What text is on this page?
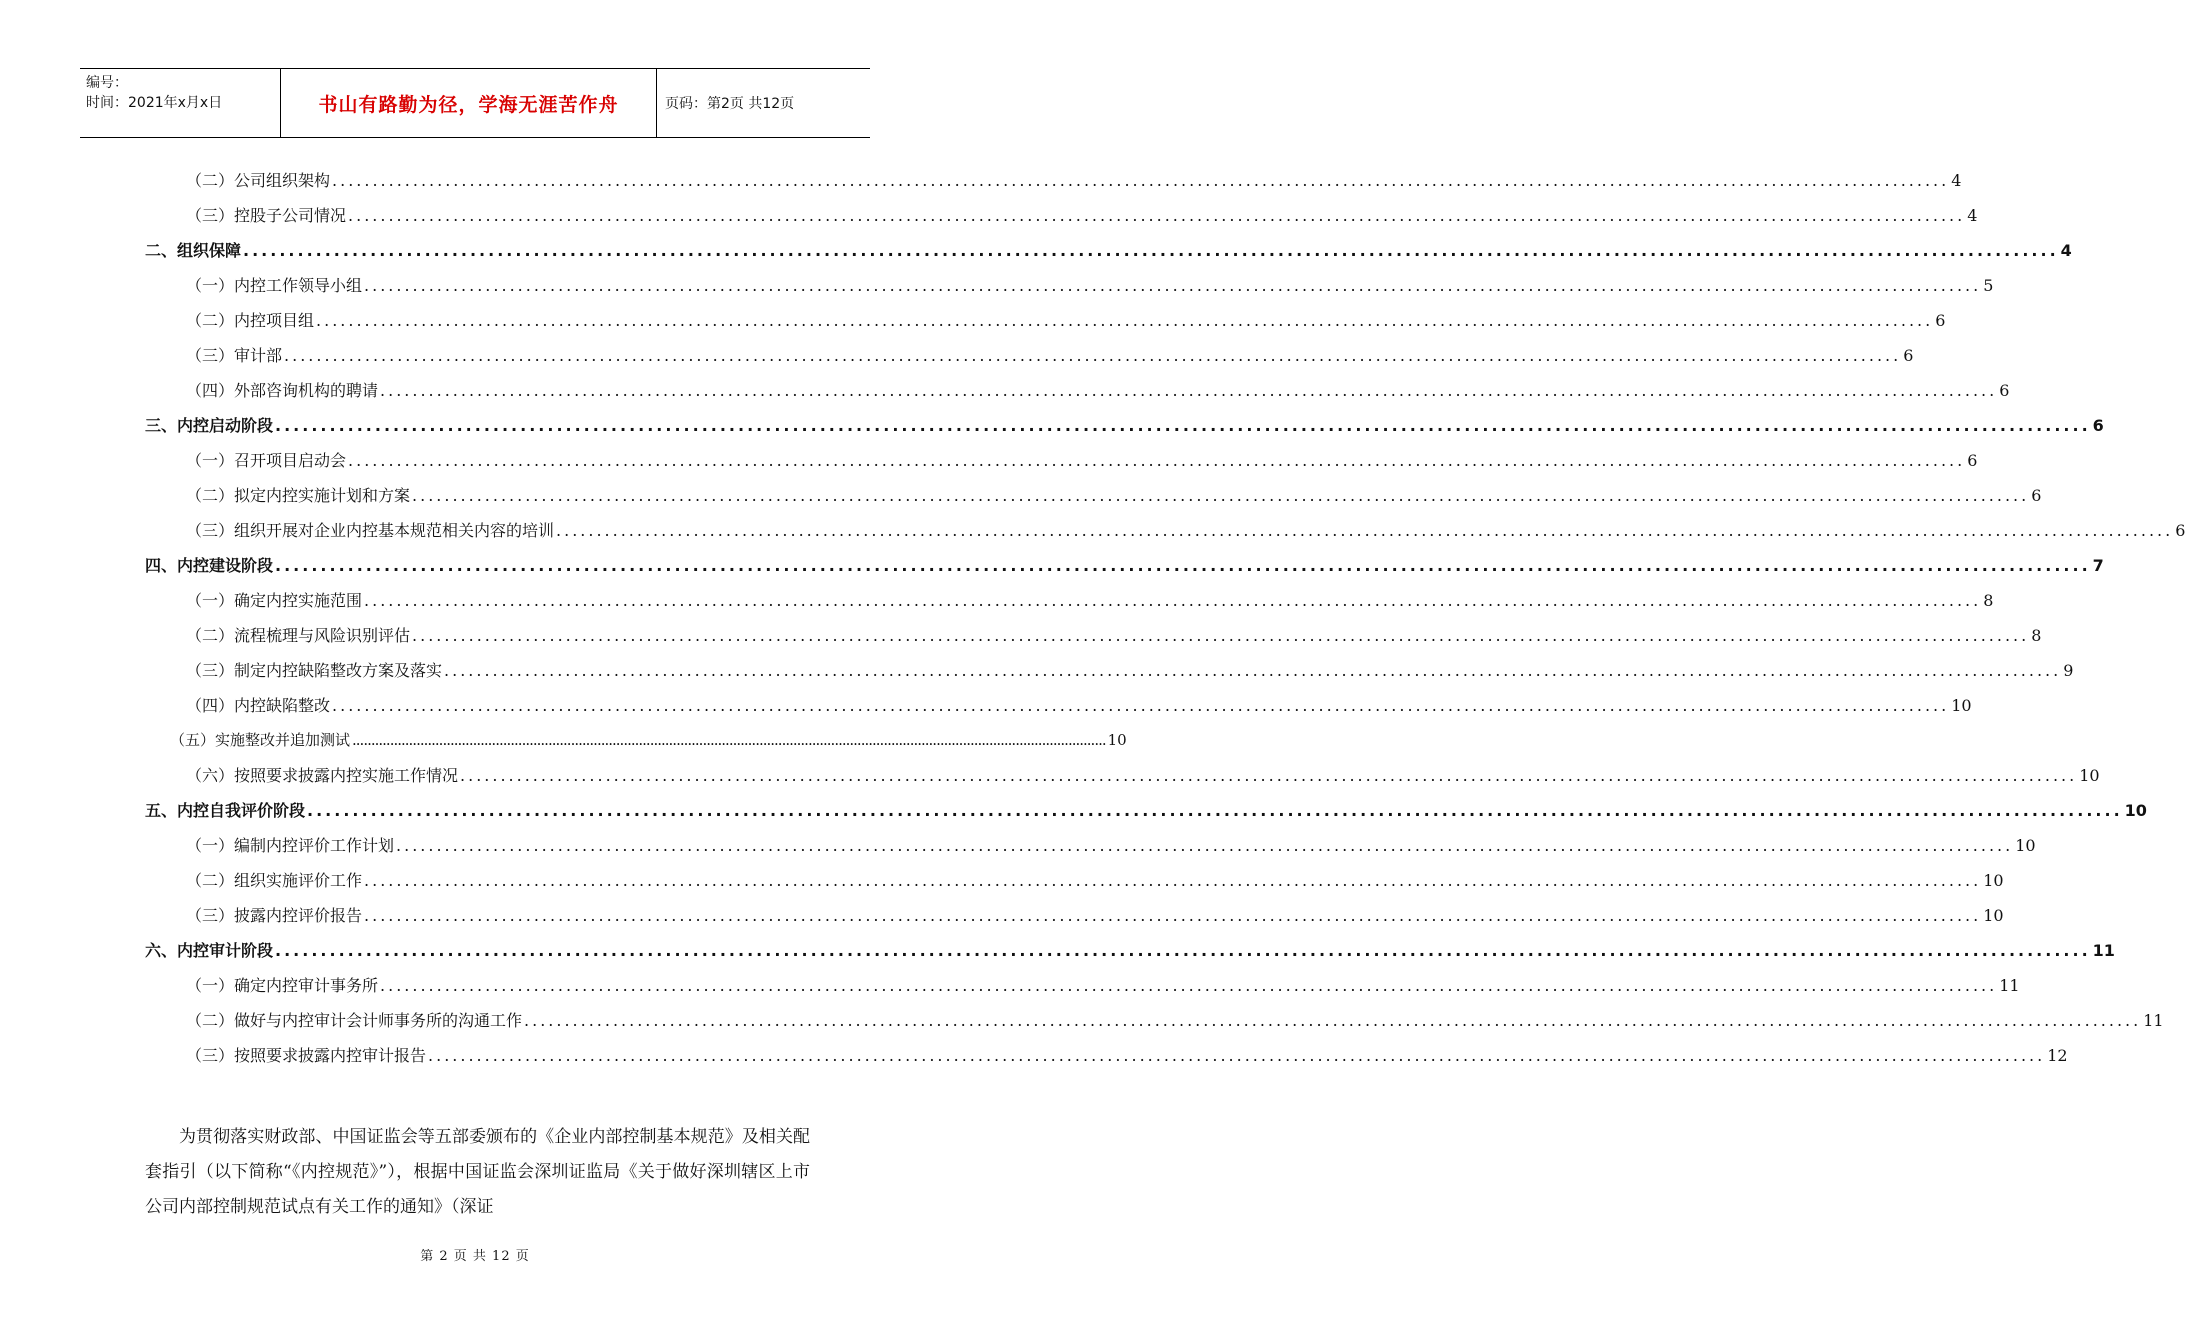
编号：
时间：2021年x月x日	书山有路勤为径，学海无涯苦作舟	页码：第2页 共12页
（二）公司组织架构 ........................................................................................................................................................................................................ 4
（三）控股子公司情况 ........................................................................................................................................................................................................ 4
二、组织保障 ........................................................................................................................................................................................................ 4
（一）内控工作领导小组 ........................................................................................................................................................................................................ 5
（二）内控项目组 ........................................................................................................................................................................................................ 6
（三）审计部 ........................................................................................................................................................................................................ 6
（四）外部咨询机构的聘请 ........................................................................................................................................................................................................ 6
三、内控启动阶段 ........................................................................................................................................................................................................ 6
（一）召开项目启动会 ........................................................................................................................................................................................................ 6
（二）拟定内控实施计划和方案 ........................................................................................................................................................................................................ 6
（三）组织开展对企业内控基本规范相关内容的培训 ........................................................................................................................................................................................................ 6
四、内控建设阶段 ........................................................................................................................................................................................................ 7
（一）确定内控实施范围 ........................................................................................................................................................................................................ 8
（二）流程梳理与风险识别评估 ........................................................................................................................................................................................................ 8
（三）制定内控缺陷整改方案及落实 ........................................................................................................................................................................................................ 9
（四）内控缺陷整改 ........................................................................................................................................................................................................ 10
（五）实施整改并追加测试 ........................................................................................................................................................................................................ 10
（六）按照要求披露内控实施工作情况 ........................................................................................................................................................................................................ 10
五、内控自我评价阶段 ........................................................................................................................................................................................................ 10
（一）编制内控评价工作计划 ........................................................................................................................................................................................................ 10
（二）组织实施评价工作 ........................................................................................................................................................................................................ 10
（三）披露内控评价报告 ........................................................................................................................................................................................................ 10
六、内控审计阶段 ........................................................................................................................................................................................................ 11
（一）确定内控审计事务所 ........................................................................................................................................................................................................ 11
（二）做好与内控审计会计师事务所的沟通工作 ........................................................................................................................................................................................................ 11
（三）按照要求披露内控审计报告 ........................................................................................................................................................................................................ 12
为贯彻落实财政部、中国证监会等五部委颁布的《企业内部控制基本规范》及相关配套指引（以下简称“《内控规范》”），根据中国证监会深圳证监局《关于做好深圳辖区上市公司内部控制规范试点有关工作的通知》（深证
第 2 页 共 12 页
